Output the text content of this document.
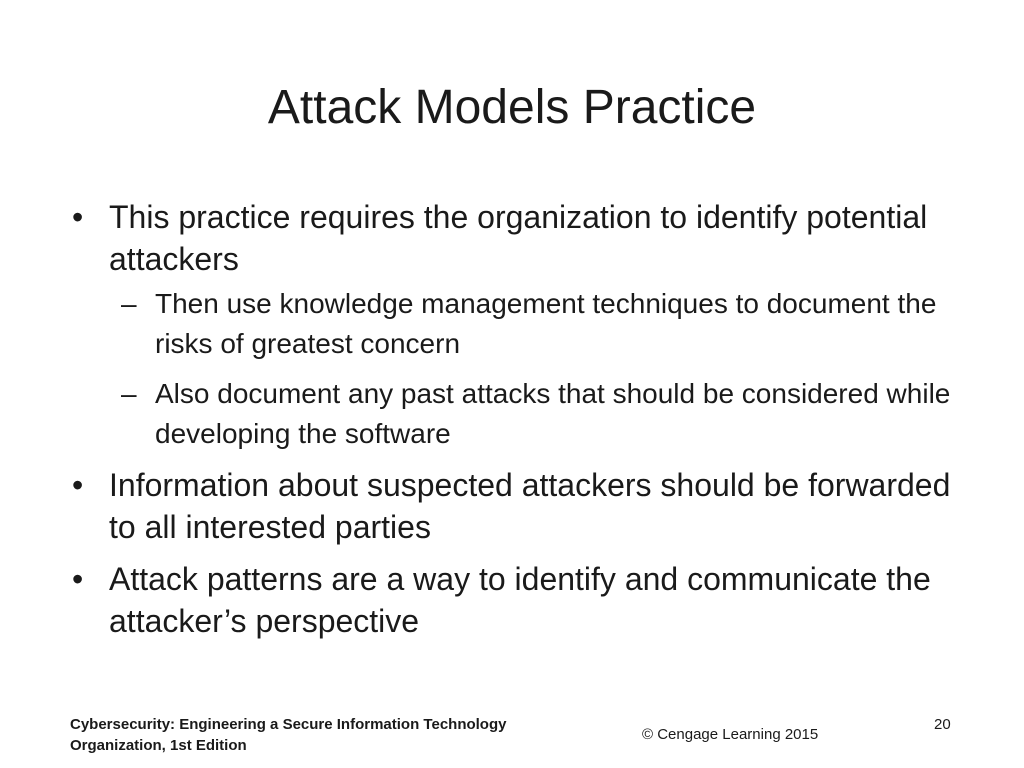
Attack Models Practice
• This practice requires the organization to identify potential attackers
– Then use knowledge management techniques to document the risks of greatest concern
– Also document any past attacks that should be considered while developing the software
• Information about suspected attackers should be forwarded to all interested parties
• Attack patterns are a way to identify and communicate the attacker’s perspective
Cybersecurity: Engineering a Secure Information Technology Organization, 1st Edition
© Cengage Learning 2015
20
